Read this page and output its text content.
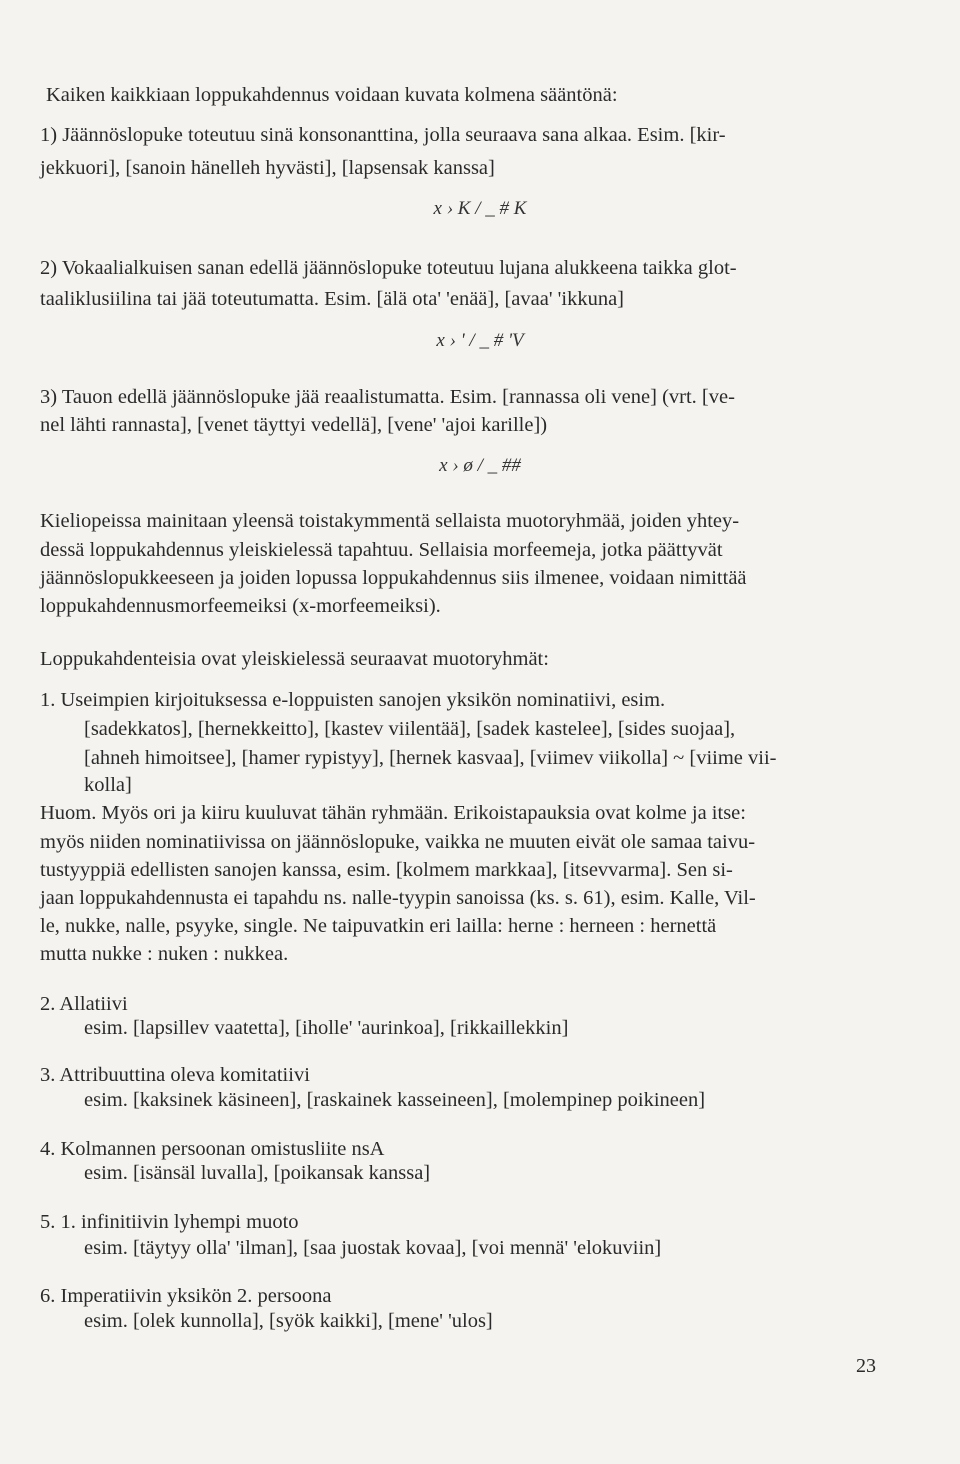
Kaiken kaikkiaan loppukahdennus voidaan kuvata kolmena sääntönä:
1) Jäännöslopuke toteutuu sinä konsonanttina, jolla seuraava sana alkaa. Esim. [kir-
jekkuori], [sanoin hänelleh hyvästi], [lapsensak kanssa]
2) Vokaalialkuisen sanan edellä jäännöslopuke toteutuu lujana alukkeena taikka glot-
taaliklusiilina tai jää toteutumatta. Esim. [älä ota' 'enää], [avaa' 'ikkuna]
3) Tauon edellä jäännöslopuke jää reaalistumatta. Esim. [rannassa oli vene] (vrt. [ve-
nel lähti rannasta], [venet täyttyi vedellä], [vene' 'ajoi karille])
Kieliopeissa mainitaan yleensä toistakymmentä sellaista muotoryhmää, joiden yhtey-
dessä loppukahdennus yleiskielessä tapahtuu. Sellaisia morfeemeja, jotka päättyvät
jäännöslopukkeeseen ja joiden lopussa loppukahdennus siis ilmenee, voidaan nimittää
loppukahdennusmorfeemeiksi (x-morfeemeiksi).
Loppukahdenteisia ovat yleiskielessä seuraavat muotoryhmät:
1. Useimpien kirjoituksessa e-loppuisten sanojen yksikön nominatiivi, esim.
[sadekkatos], [hernekkeitto], [kastev viilentää], [sadek kastelee], [sides suojaa],
[ahneh himoitsee], [hamer rypistyy], [hernek kasvaa], [viimev viikolla] ~ [viime vii-
kolla]
Huom. Myös ori ja kiiru kuuluvat tähän ryhmään. Erikoistapauksia ovat kolme ja itse:
myös niiden nominatiivissa on jäännöslopuke, vaikka ne muuten eivät ole samaa taivu-
tustyyppiä edellisten sanojen kanssa, esim. [kolmem markkaa], [itsevvarma]. Sen si-
jaan loppukahdennusta ei tapahdu ns. nalle-tyypin sanoissa (ks. s. 61), esim. Kalle, Vil-
le, nukke, nalle, psyyke, single. Ne taipuvatkin eri lailla: herne : herneen : hernettä
mutta nukke : nuken : nukkea.
2. Allatiivi
esim. [lapsillev vaatetta], [iholle' 'aurinkoa], [rikkaillekkin]
3. Attribuuttina oleva komitatiivi
esim. [kaksinek käsineen], [raskainek kasseineen], [molempinep poikineen]
4. Kolmannen persoonan omistusliite nsA
esim. [isänsäl luvalla], [poikansak kanssa]
5. 1. infinitiivin lyhempi muoto
esim. [täytyy olla' 'ilman], [saa juostak kovaa], [voi mennä' 'elokuviin]
6. Imperatiivin yksikön 2. persoona
esim. [olek kunnolla], [syök kaikki], [mene' 'ulos]
x › K / _ # K
x › ' / _ # 'V
x › ø / _ ##
23
